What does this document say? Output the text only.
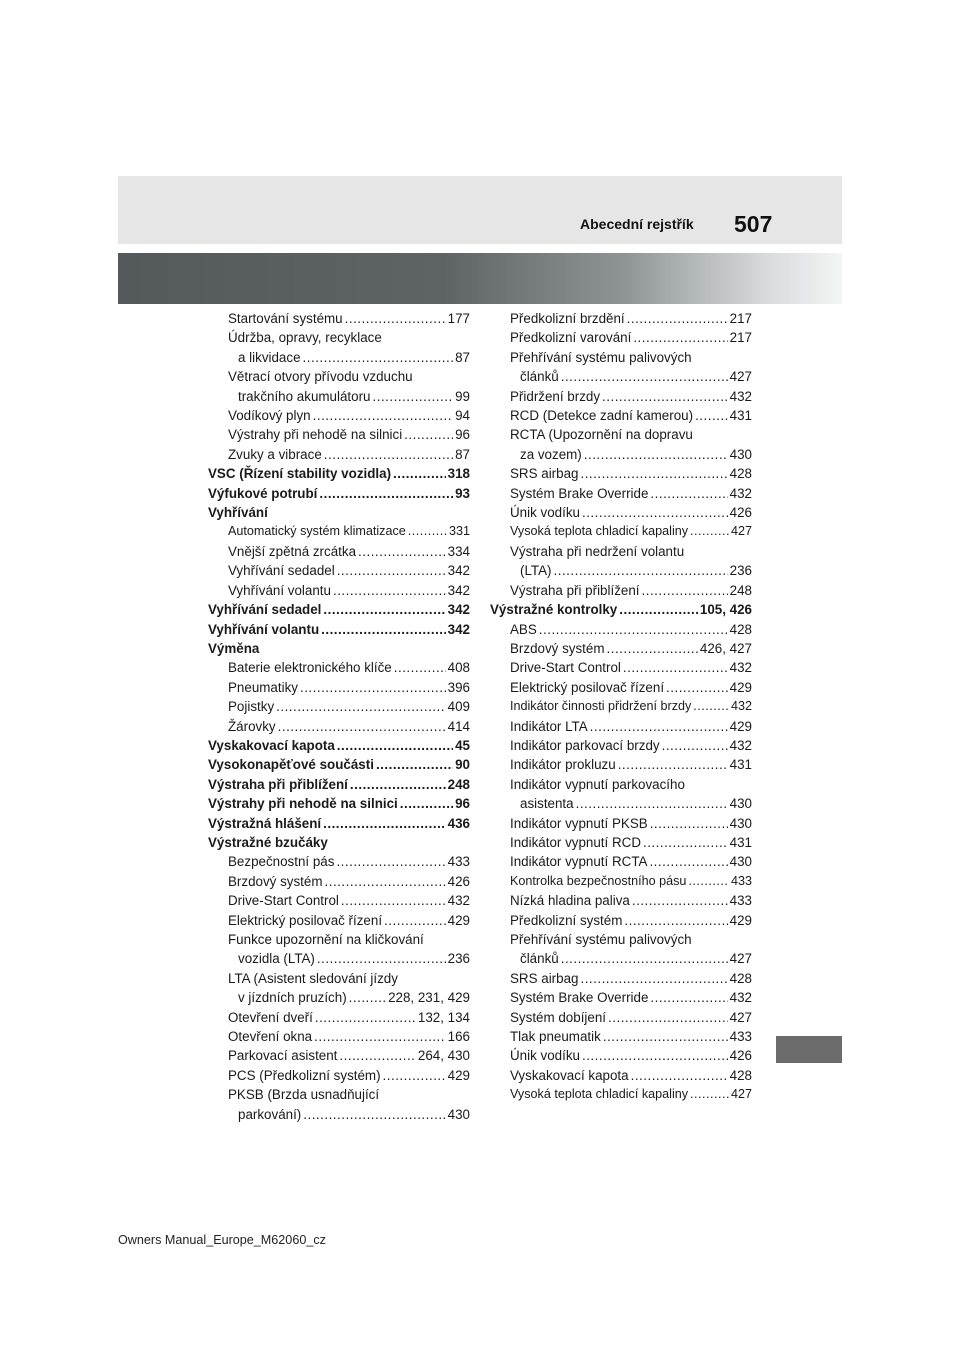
Abecední rejstřík 507
Startování systému .....	177
Údržba, opravy, recyklace
a likvidace .....	87
Větrací otvory přívodu vzduchu
trakčního akumulátoru .....	99
Vodíkový plyn .....	94
Výstrahy při nehodě na silnici .....	96
Zvuky a vibrace .....	87
VSC (Řízení stability vozidla) .....	318
Výfukové potrubí .....	93
Vyhřívání
Automatický systém klimatizace .....	331
Vnější zpětná zrcátka .....	334
Vyhřívání sedadel .....	342
Vyhřívání volantu .....	342
Vyhřívání sedadel .....	342
Vyhřívání volantu .....	342
Výměna
Baterie elektronického klíče .....	408
Pneumatiky .....	396
Pojistky .....	409
Žárovky .....	414
Vyskakovací kapota .....	45
Vysokonapěťové součásti .....	90
Výstraha při přiblížení .....	248
Výstrahy při nehodě na silnici .....	96
Výstražná hlášení .....	436
Výstražné bzučáky
Bezpečnostní pás .....	433
Brzdový systém .....	426
Drive-Start Control .....	432
Elektrický posilovač řízení .....	429
Funkce upozornění na kličkování
vozidla (LTA) .....	236
LTA (Asistent sledování jízdy
v jízdních pruzích) .....	228, 231, 429
Otevření dveří .....	132, 134
Otevření okna .....	166
Parkovací asistent .....	264, 430
PCS (Předkolizní systém) .....	429
PKSB (Brzda usnadňující
parkování) .....	430
Předkolizní brzdění .....	217
Předkolizní varování .....	217
Přehřívání systému palivových
článků .....	427
Přidržení brzdy .....	432
RCD (Detekce zadní kamerou) .....	431
RCTA (Upozornění na dopravu
za vozem) .....	430
SRS airbag .....	428
Systém Brake Override .....	432
Únik vodíku .....	426
Vysoká teplota chladicí kapaliny .....	427
Výstraha při nedržení volantu
(LTA) .....	236
Výstraha při přiblížení .....	248
Výstražné kontrolky .....	105, 426
ABS .....	428
Brzdový systém .....	426, 427
Drive-Start Control .....	432
Elektrický posilovač řízení .....	429
Indikátor činnosti přidržení brzdy .....	432
Indikátor LTA .....	429
Indikátor parkovací brzdy .....	432
Indikátor prokluzu .....	431
Indikátor vypnutí parkovacího
asistenta .....	430
Indikátor vypnutí PKSB .....	430
Indikátor vypnutí RCD .....	431
Indikátor vypnutí RCTA .....	430
Kontrolka bezpečnostního pásu .....	433
Nízká hladina paliva .....	433
Předkolizní systém .....	429
Přehřívání systému palivových
článků .....	427
SRS airbag .....	428
Systém Brake Override .....	432
Systém dobíjení .....	427
Tlak pneumatik .....	433
Únik vodíku .....	426
Vyskakovací kapota .....	428
Vysoká teplota chladicí kapaliny .....	427
Owners Manual_Europe_M62060_cz
